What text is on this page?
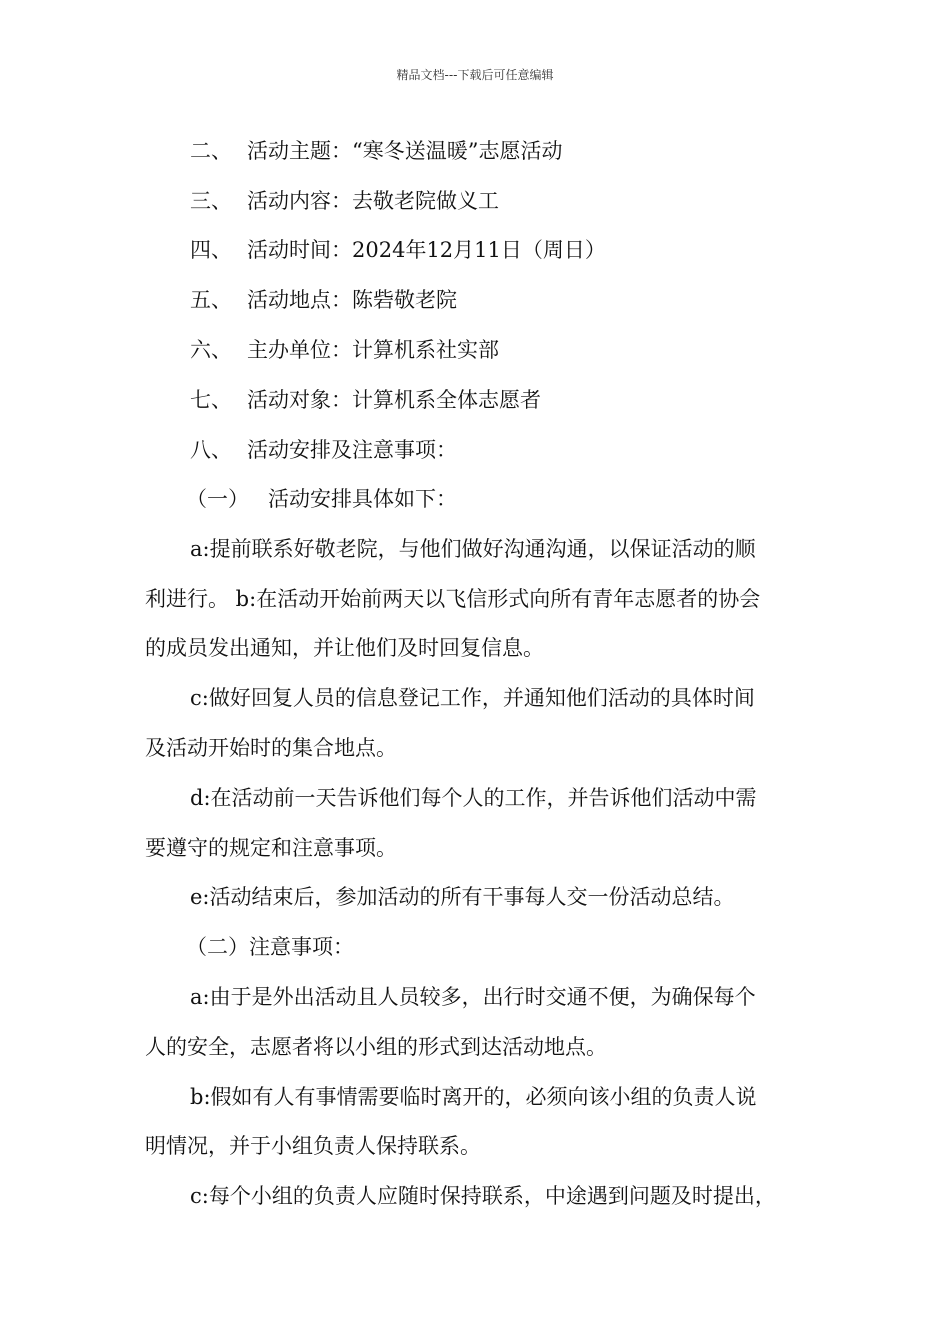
精品文档---下载后可任意编辑
二、 活动主题：“寒冬送温暖”志愿活动
三、 活动内容：去敬老院做义工
四、 活动时间：2024年12月11日（周日）
五、 活动地点：陈砦敬老院
六、 主办单位：计算机系社实部
七、 活动对象：计算机系全体志愿者
八、 活动安排及注意事项：
（一） 活动安排具体如下：
a:提前联系好敬老院，与他们做好沟通沟通，以保证活动的顺
利进行。 b:在活动开始前两天以飞信形式向所有青年志愿者的协会
的成员发出通知，并让他们及时回复信息。
c:做好回复人员的信息登记工作，并通知他们活动的具体时间
及活动开始时的集合地点。
d:在活动前一天告诉他们每个人的工作，并告诉他们活动中需
要遵守的规定和注意事项。
e:活动结束后，参加活动的所有干事每人交一份活动总结。
（二）注意事项：
a:由于是外出活动且人员较多，出行时交通不便，为确保每个
人的安全，志愿者将以小组的形式到达活动地点。
b:假如有人有事情需要临时离开的，必须向该小组的负责人说
明情况，并于小组负责人保持联系。
c:每个小组的负责人应随时保持联系，中途遇到问题及时提出，
